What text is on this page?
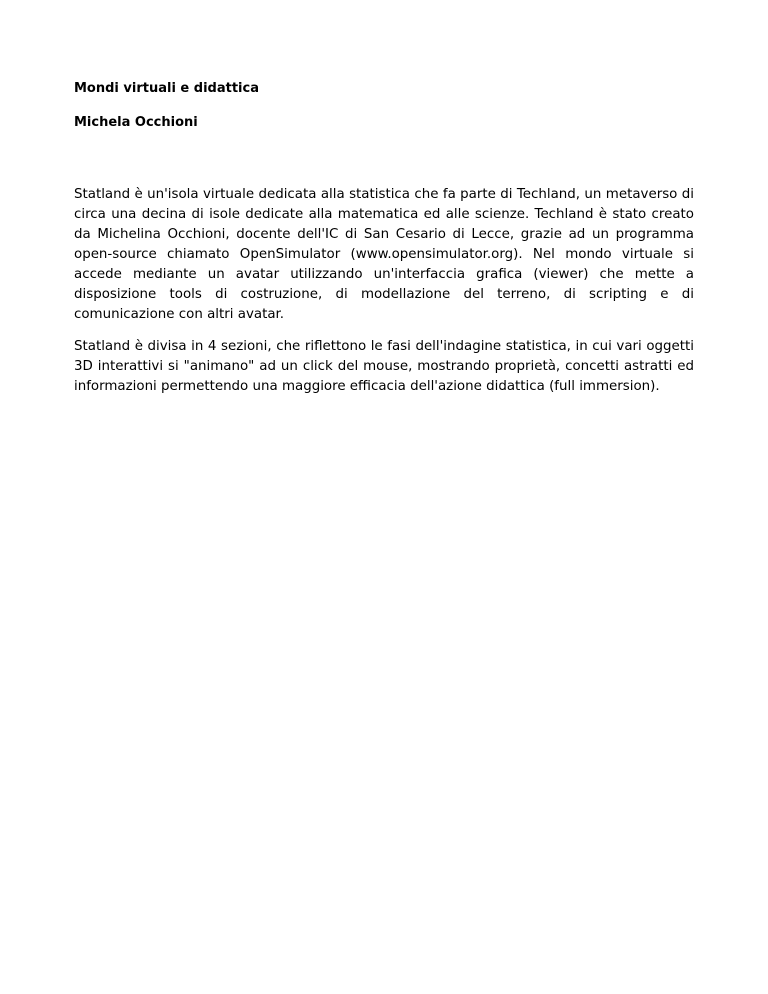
Mondi virtuali e didattica

Michela Occhioni

Statland è un'isola virtuale dedicata alla statistica che fa parte di Techland, un metaverso di circa una decina di isole dedicate alla matematica ed alle scienze. Techland è stato creato da Michelina Occhioni, docente dell'IC di San Cesario di Lecce, grazie ad un programma open-source chiamato OpenSimulator (www.opensimulator.org). Nel mondo virtuale si accede mediante un avatar utilizzando un'interfaccia grafica (viewer) che mette a disposizione tools di costruzione, di modellazione del terreno, di scripting e di comunicazione con altri avatar.

Statland è divisa in 4 sezioni, che riflettono le fasi dell'indagine statistica, in cui vari oggetti 3D interattivi si "animano" ad un click del mouse, mostrando proprietà, concetti astratti ed informazioni permettendo una maggiore efficacia dell'azione didattica (full immersion).
